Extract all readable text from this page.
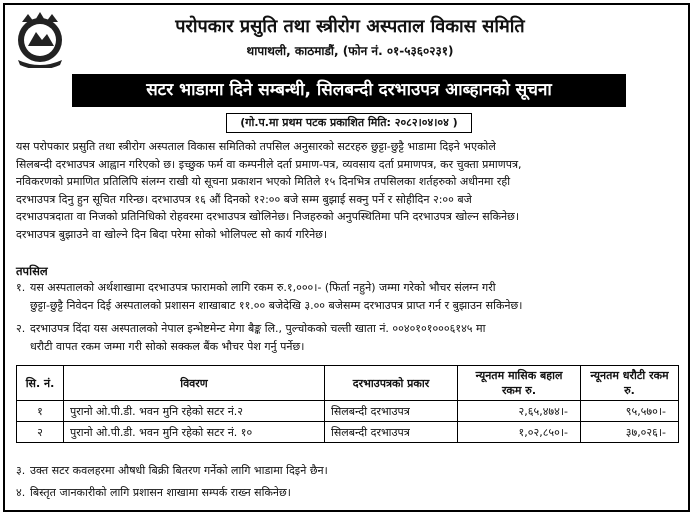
परोपकार प्रसुति तथा स्त्रीरोग अस्पताल विकास समिति
थापाथली, काठमाडौं, (फोन नं. ०१-५३६०२३१)
सटर भाडामा दिने सम्बन्धी, सिलबन्दी दरभाउपत्र आब्हानको सूचना
(गो.प.मा प्रथम पटक प्रकाशित मिति: २०८२।०४।०४ )
यस परोपकार प्रसुति तथा स्त्रीरोग अस्पताल विकास समितिको तपसिल अनुसारको सटरहरु छुट्टा-छुट्टै भाडामा दिइने भएकोले
सिलबन्दी दरभाउपत्र आह्वान गरिएको छ। इच्छुक फर्म वा कम्पनीले दर्ता प्रमाण-पत्र, व्यवसाय दर्ता प्रमाणपत्र, कर चुक्ता प्रमाणपत्र,
नविकरणको प्रमाणित प्रतिलिपि संलग्न राखी यो सूचना प्रकाशन भएको मितिले १५ दिनभित्र तपसिलका शर्तहरुको अधीनमा रही
दरभाउपत्र दिनु हुन सूचित गरिन्छ। दरभाउपत्र १६ औं दिनको १२:०० बजे सम्म बुझाई सक्नु पर्ने र सोहीदिन २:०० बजे
दरभाउपत्रदाता वा निजको प्रतिनिधिको रोहवरमा दरभाउपत्र खोलिनेछ। निजहरुको अनुपस्थितिमा पनि दरभाउपत्र खोल्न सकिनेछ।
दरभाउपत्र बुझाउने वा खोल्ने दिन बिदा परेमा सोको भोलिपल्ट सो कार्य गरिनेछ।
तपसिल
१. यस अस्पतालको अर्थशाखामा दरभाउपत्र फारामको लागि रकम रु.१,०००।- (फिर्ता नहुने) जम्मा गरेको भौचर संलग्न गरी
छुट्टा-छुट्टै निवेदन दिई अस्पतालको प्रशासन शाखाबाट ११.०० बजेदेखि ३.०० बजेसम्म दरभाउपत्र प्राप्त गर्न र बुझाउन सकिनेछ।
२. दरभाउपत्र दिंदा यस अस्पतालको नेपाल इन्भेष्टमेन्ट मेगा बैङ्क लि., पुल्चोकको चल्ती खाता नं. ००४०१०१०००६१४५ मा
धरौटी वापत रकम जम्मा गरी सोको सक्कल बैंक भौचर पेश गर्नु पर्नेछ।
सि. नं.	विवरण	दरभाउपत्रको प्रकार	न्यूनतम मासिक बहाल रकम रु.	न्यूनतम धरौटी रकम रु.
१	पुरानो ओ.पी.डी. भवन मुनि रहेको सटर नं.२	सिलबन्दी दरभाउपत्र	२,६५,४७४।-	९५,५७०।-
२	पुरानो ओ.पी.डी. भवन मुनि रहेको सटर नं. १०	सिलबन्दी दरभाउपत्र	१,०२,८५०।-	३७,०२६।-
३. उक्त सटर कवलहरमा औषधी बिक्री बितरण गर्नेको लागि भाडामा दिइने छैन।
४. बिस्तृत जानकारीको लागि प्रशासन शाखामा सम्पर्क राख्न सकिनेछ।
